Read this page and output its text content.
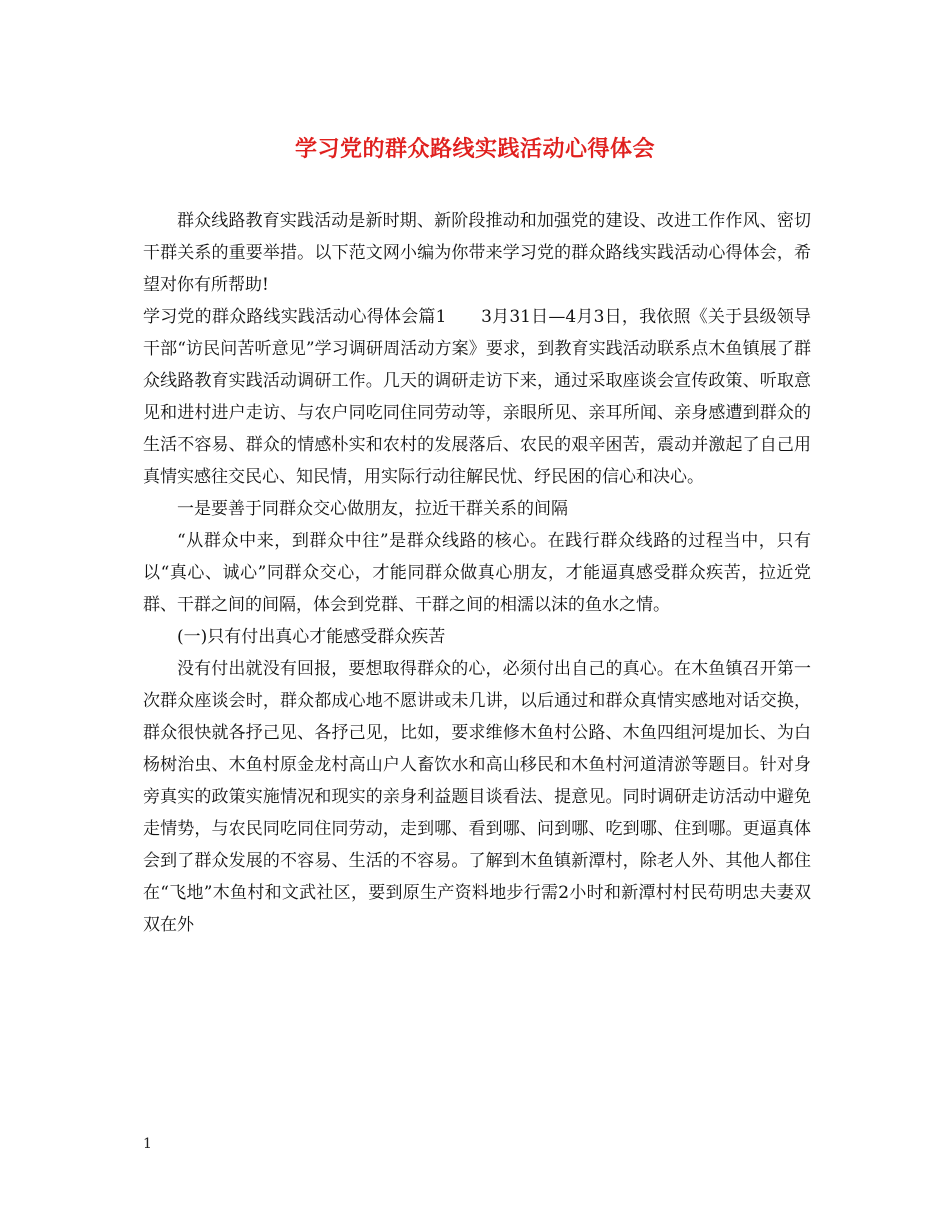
学习党的群众路线实践活动心得体会

群众线路教育实践活动是新时期、新阶段推动和加强党的建设、改进工作作风、密切干群关系的重要举措。以下范文网小编为你带来学习党的群众路线实践活动心得体会，希望对你有所帮助!

学习党的群众路线实践活动心得体会篇1　　3月31日—4月3日，我依照《关于县级领导干部“访民问苦听意见”学习调研周活动方案》要求，到教育实践活动联系点木鱼镇展了群众线路教育实践活动调研工作。几天的调研走访下来，通过采取座谈会宣传政策、听取意见和进村进户走访、与农户同吃同住同劳动等，亲眼所见、亲耳所闻、亲身感遭到群众的生活不容易、群众的情感朴实和农村的发展落后、农民的艰辛困苦，震动并激起了自己用真情实感往交民心、知民情，用实际行动往解民忧、纾民困的信心和决心。

一是要善于同群众交心做朋友，拉近干群关系的间隔

“从群众中来，到群众中往”是群众线路的核心。在践行群众线路的过程当中，只有以“真心、诚心”同群众交心，才能同群众做真心朋友，才能逼真感受群众疾苦，拉近党群、干群之间的间隔，体会到党群、干群之间的相濡以沫的鱼水之情。

(一)只有付出真心才能感受群众疾苦

没有付出就没有回报，要想取得群众的心，必须付出自己的真心。在木鱼镇召开第一次群众座谈会时，群众都成心地不愿讲或未几讲，以后通过和群众真情实感地对话交换，群众很快就各抒己见、各抒己见，比如，要求维修木鱼村公路、木鱼四组河堤加长、为白杨树治虫、木鱼村原金龙村高山户人畜饮水和高山移民和木鱼村河道清淤等题目。针对身旁真实的政策实施情况和现实的亲身利益题目谈看法、提意见。同时调研走访活动中避免走情势，与农民同吃同住同劳动，走到哪、看到哪、问到哪、吃到哪、住到哪。更逼真体会到了群众发展的不容易、生活的不容易。了解到木鱼镇新潭村，除老人外、其他人都住在“飞地”木鱼村和文武社区，要到原生产资料地步行需2小时和新潭村村民苟明忠夫妻双双在外

1
